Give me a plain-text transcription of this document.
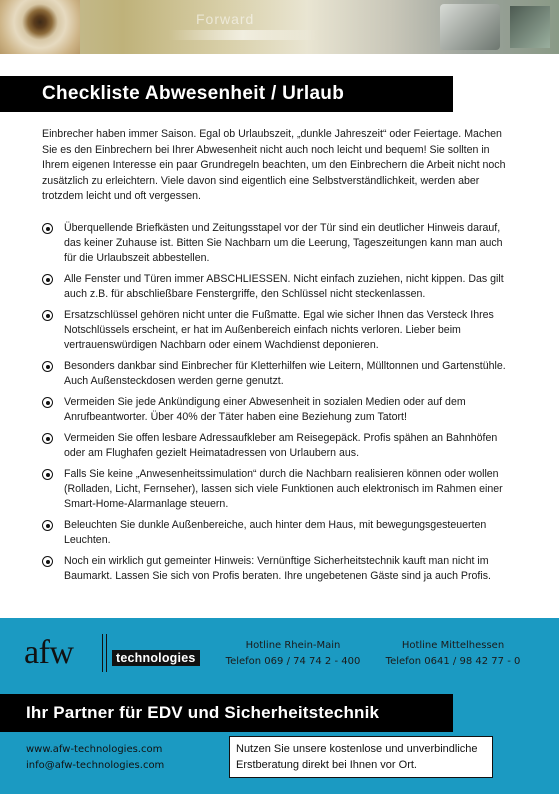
Forward
Checkliste Abwesenheit / Urlaub

Einbrecher haben immer Saison. Egal ob Urlaubszeit, „dunkle Jahreszeit“ oder Feiertage. Machen Sie es den Einbrechern bei Ihrer Abwesenheit nicht auch noch leicht und bequem! Sie sollten in Ihrem eigenen Interesse ein paar Grundregeln beachten, um den Einbrechern die Arbeit nicht noch zusätzlich zu erleichtern. Viele davon sind eigentlich eine Selbstverständlichkeit, werden aber trotzdem leicht und oft vergessen.

Überquellende Briefkästen und Zeitungsstapel vor der Tür sind ein deutlicher Hinweis darauf, das keiner Zuhause ist. Bitten Sie Nachbarn um die Leerung, Tageszeitungen kann man auch für die Urlaubszeit abbestellen.
Alle Fenster und Türen immer ABSCHLIESSEN. Nicht einfach zuziehen, nicht kippen. Das gilt auch z.B. für abschließbare Fenstergriffe, den Schlüssel nicht steckenlassen.
Ersatzschlüssel gehören nicht unter die Fußmatte. Egal wie sicher Ihnen das Versteck Ihres Notschlüssels erscheint, er hat im Außenbereich einfach nichts verloren. Lieber beim vertrauenswürdigen Nachbarn oder einem Wachdienst deponieren.
Besonders dankbar sind Einbrecher für Kletterhilfen wie Leitern, Mülltonnen und Gartenstühle. Auch Außensteckdosen werden gerne genutzt.
Vermeiden Sie jede Ankündigung einer Abwesenheit in sozialen Medien oder auf dem Anrufbeantworter. Über 40% der Täter haben eine Beziehung zum Tatort!
Vermeiden Sie offen lesbare Adressaufkleber am Reisegepäck. Profis spähen an Bahnhöfen oder am Flughafen gezielt Heimatadressen von Urlaubern aus.
Falls Sie keine „Anwesenheitssimulation“ durch die Nachbarn realisieren können oder wollen (Rolladen, Licht, Fernseher), lassen sich viele Funktionen auch elektronisch im Rahmen einer Smart-Home-Alarmanlage steuern.
Beleuchten Sie dunkle Außenbereiche, auch hinter dem Haus, mit bewegungsgesteuerten Leuchten.
Noch ein wirklich gut gemeinter Hinweis: Vernünftige Sicherheitstechnik kauft man nicht im Baumarkt. Lassen Sie sich von Profis beraten. Ihre ungebetenen Gäste sind ja auch Profis.
afw	technologies
Hotline Rhein-Main
Telefon 069 / 74 74 2 - 400
Hotline Mittelhessen
Telefon 0641 / 98 42 77 - 0
Ihr Partner für EDV und Sicherheitstechnik
www.afw-technologies.com
info@afw-technologies.com
Nutzen Sie unsere kostenlose und unverbindliche Erstberatung direkt bei Ihnen vor Ort.
